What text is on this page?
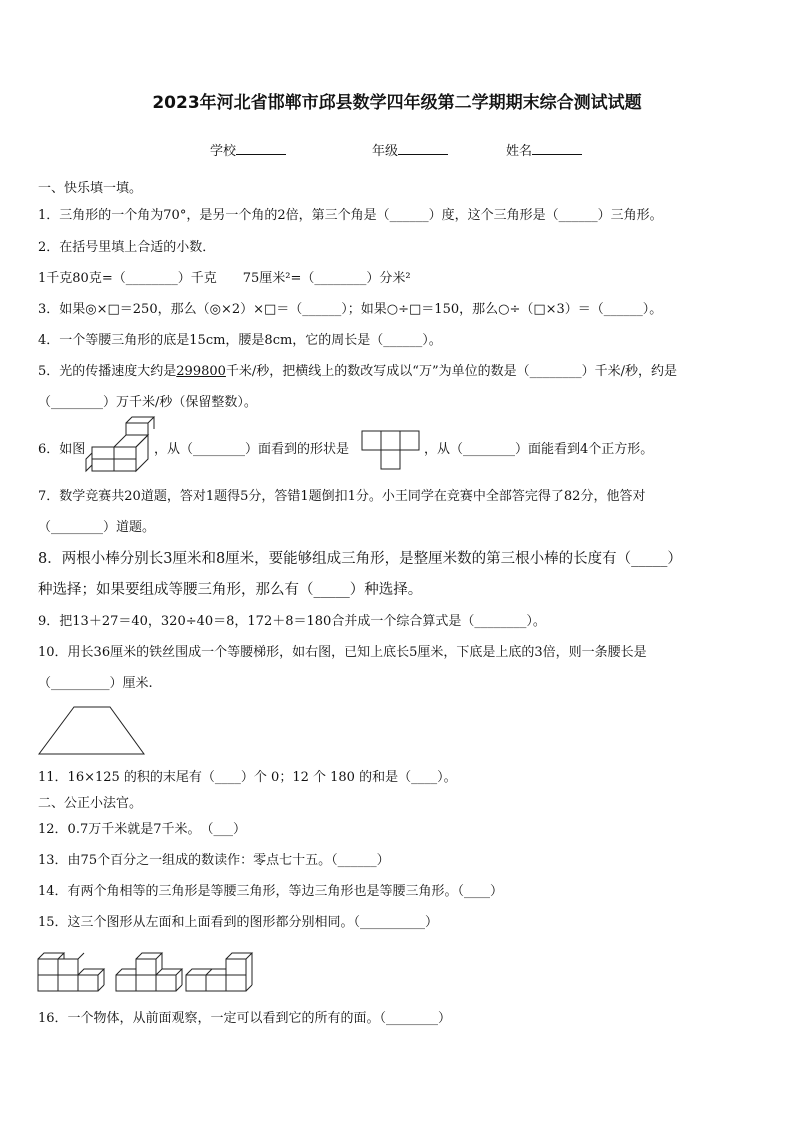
2023年河北省邯郸市邱县数学四年级第二学期期末综合测试试题
学校	年级	姓名
一、快乐填一填。
1．三角形的一个角为70°，是另一个角的2倍，第三个角是（______）度，这个三角形是（______）三角形。
2．在括号里填上合适的小数．
1千克80克=（________）千克　　75厘米²=（________）分米²
3．如果◎×□＝250，那么（◎×2）×□＝（______）；如果○÷□＝150，那么○÷（□×3）＝（______）。
4．一个等腰三角形的底是15cm，腰是8cm，它的周长是（______）。
5．光的传播速度大约是299800千米/秒，把横线上的数改写成以“万”为单位的数是（________）千米/秒，约是
（________）万千米/秒（保留整数）。
6．如图	，从（________）面看到的形状是	，从（________）面能看到4个正方形。
7．数学竞赛共20道题，答对1题得5分，答错1题倒扣1分。小王同学在竞赛中全部答完得了82分，他答对
（________）道题。
8．两根小棒分别长3厘米和8厘米，要能够组成三角形，是整厘米数的第三根小棒的长度有（_____）
种选择；如果要组成等腰三角形，那么有（_____）种选择。
9．把13＋27＝40，320÷40＝8，172＋8＝180合并成一个综合算式是（________）。
10．用长36厘米的铁丝围成一个等腰梯形，如右图，已知上底长5厘米，下底是上底的3倍，则一条腰长是
（_________）厘米.
11．16×125 的积的末尾有（____）个 0；12 个 180 的和是（____）。
二、公正小法官。
12．0.7万千米就是7千米。　（___）
13．由75个百分之一组成的数读作：零点七十五。（______）
14．有两个角相等的三角形是等腰三角形，等边三角形也是等腰三角形。（____）
15．这三个图形从左面和上面看到的图形都分别相同。（__________）
16．一个物体，从前面观察，一定可以看到它的所有的面。（________）
